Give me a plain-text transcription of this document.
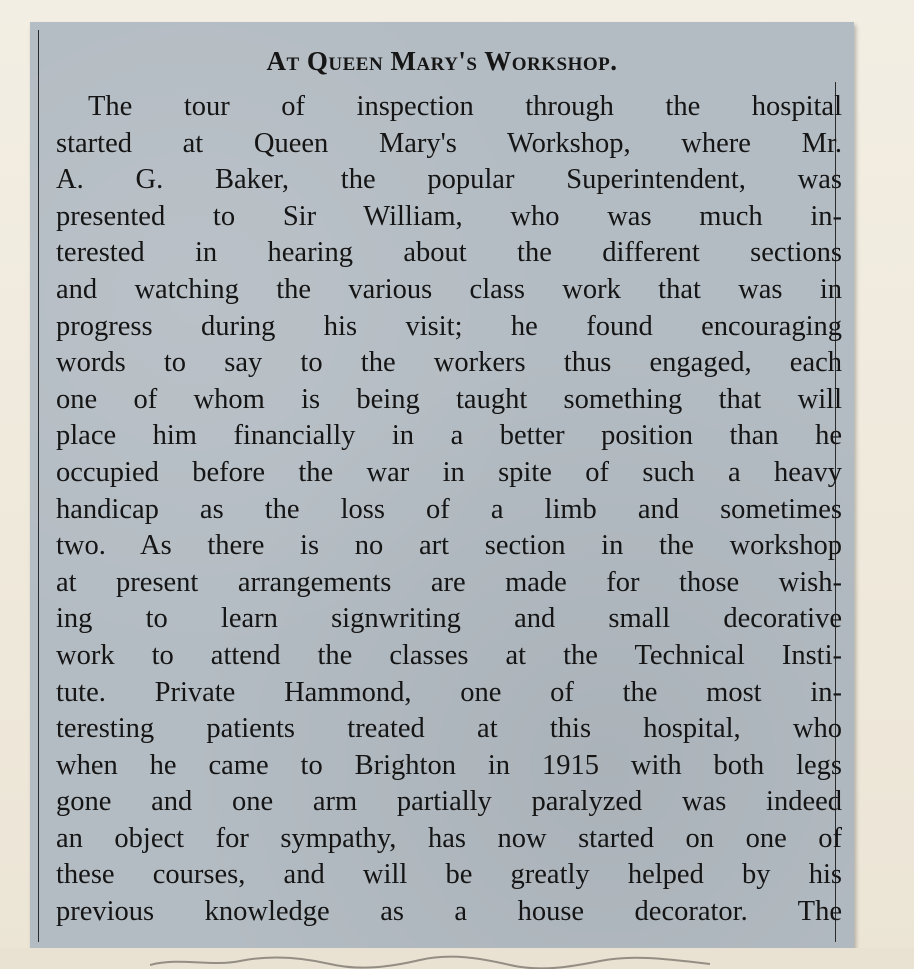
At Queen Mary's Workshop.
The tour of inspection through the hospital
started at Queen Mary's Workshop, where Mr.
A. G. Baker, the popular Superintendent, was
presented to Sir William, who was much in-
terested in hearing about the different sections
and watching the various class work that was in
progress during his visit; he found encouraging
words to say to the workers thus engaged, each
one of whom is being taught something that will
place him financially in a better position than he
occupied before the war in spite of such a heavy
handicap as the loss of a limb and sometimes
two. As there is no art section in the workshop
at present arrangements are made for those wish-
ing to learn signwriting and small decorative
work to attend the classes at the Technical Insti-
tute. Private Hammond, one of the most in-
teresting patients treated at this hospital, who
when he came to Brighton in 1915 with both legs
gone and one arm partially paralyzed was indeed
an object for sympathy, has now started on one of
these courses, and will be greatly helped by his
previous knowledge as a house decorator. The
